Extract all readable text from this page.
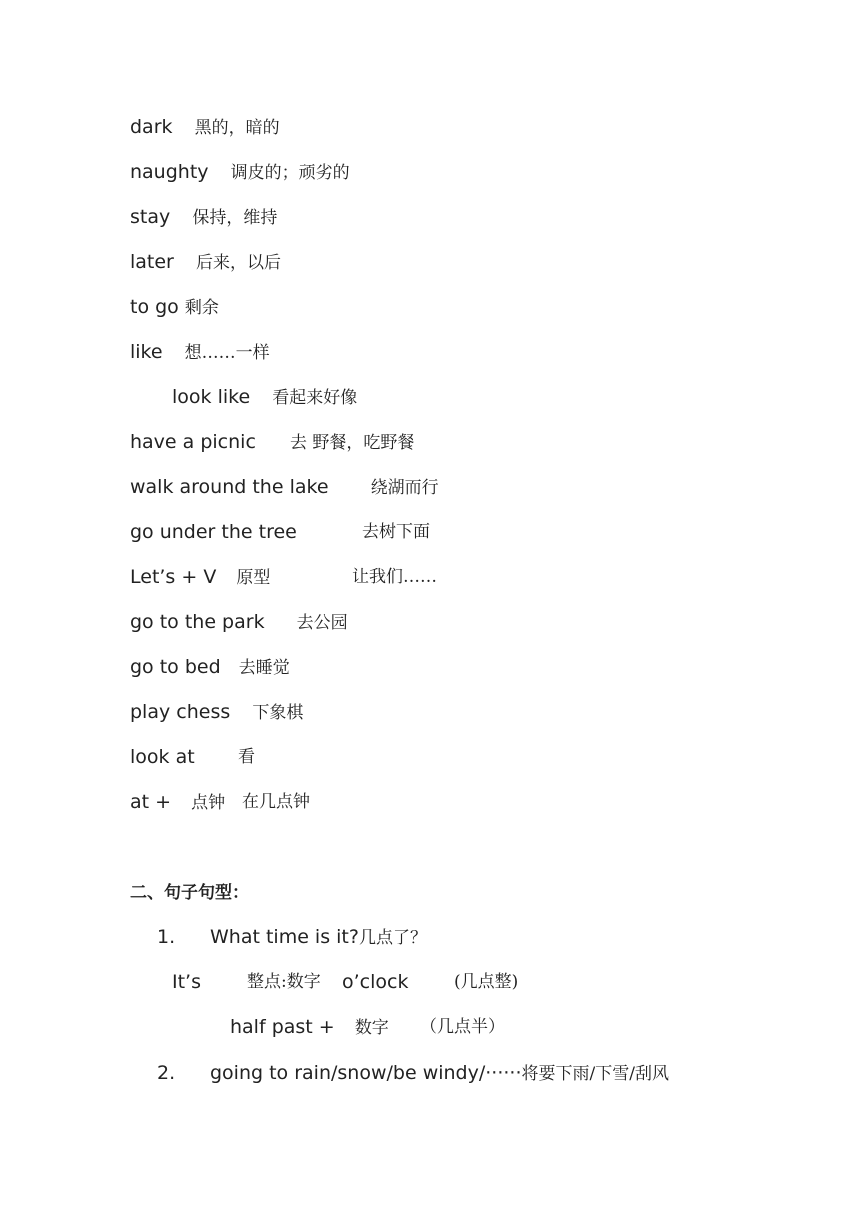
dark 黑的，暗的
naughty 调皮的；顽劣的
stay 保持，维持
later 后来，以后
to go 剩余
like 想……一样
look like 看起来好像
have a picnic 去 野餐，吃野餐
walk around the lake 绕湖而行
go under the tree	去树下面
Let’s + V 原型	让我们……
go to the park 去公园
go to bed 去睡觉
play chess 下象棋
look at	看
at + 点钟 在几点钟
二、句子句型：
1. What time is it?几点了？
It’s	整点:数字 o’clock	(几点整)
half past + 数字 （几点半）
2. going to rain/snow/be windy/······将要下雨/下雪/刮风
